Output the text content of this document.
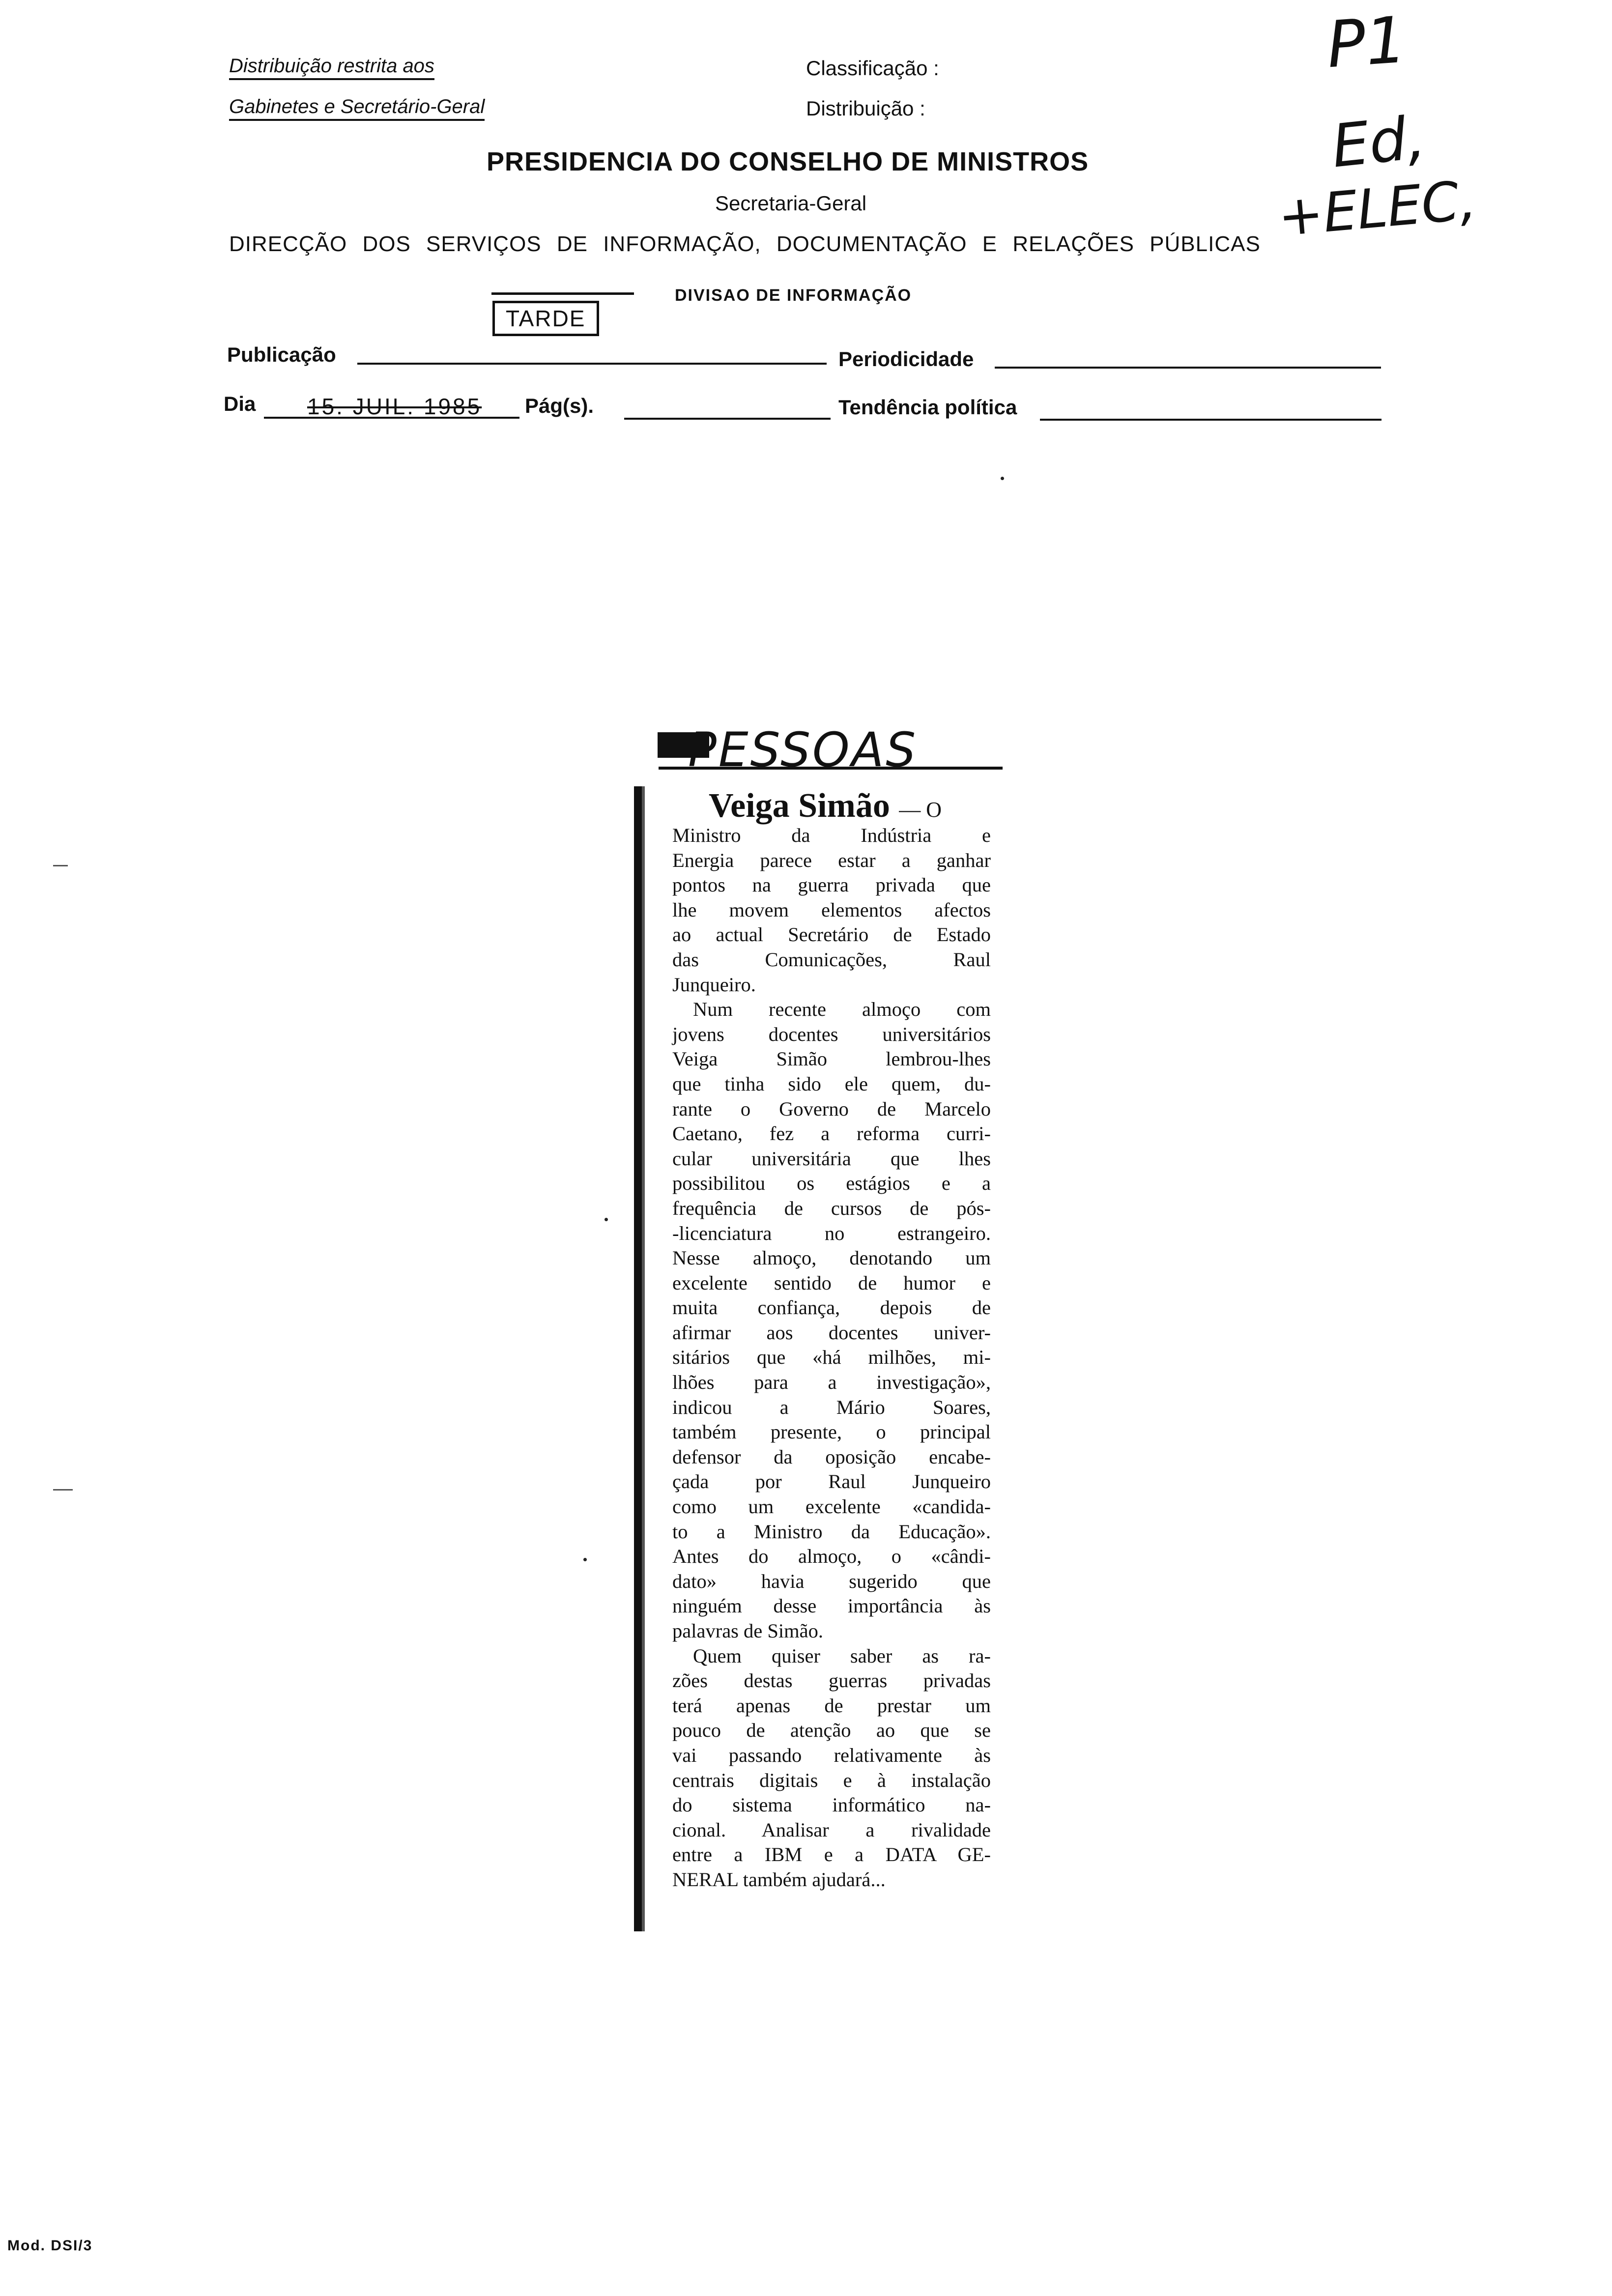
Distribuição restrita aos
Gabinetes e Secretário-Geral
Classificação :
Distribuição :
PRESIDENCIA DO CONSELHO DE MINISTROS
Secretaria-Geral
DIRECÇÃO DOS SERVIÇOS DE INFORMAÇÃO, DOCUMENTAÇÃO E RELAÇÕES PÚBLICAS
DIVISAO DE INFORMAÇÃO
TARDE
Publicação	Periodicidade
Dia 15. JUIL. 1985 Pág(s).	Tendência política
P1
Ed,
+ELEC,
PESSOAS
Veiga Simão — O
Ministro da Indústria e
Energia parece estar a ganhar
pontos na guerra privada que
lhe movem elementos afectos
ao actual Secretário de Estado
das Comunicações, Raul
Junqueiro.
Num recente almoço com
jovens docentes universitários
Veiga Simão lembrou-lhes
que tinha sido ele quem, du-
rante o Governo de Marcelo
Caetano, fez a reforma curri-
cular universitária que lhes
possibilitou os estágios e a
frequência de cursos de pós-
-licenciatura no estrangeiro.
Nesse almoço, denotando um
excelente sentido de humor e
muita confiança, depois de
afirmar aos docentes univer-
sitários que «há milhões, mi-
lhões para a investigação»,
indicou a Mário Soares,
também presente, o principal
defensor da oposição encabe-
çada por Raul Junqueiro
como um excelente «candida-
to a Ministro da Educação».
Antes do almoço, o «cândi-
dato» havia sugerido que
ninguém desse importância às
palavras de Simão.
Quem quiser saber as ra-
zões destas guerras privadas
terá apenas de prestar um
pouco de atenção ao que se
vai passando relativamente às
centrais digitais e à instalação
do sistema informático na-
cional. Analisar a rivalidade
entre a IBM e a DATA GE-
NERAL também ajudará...
Mod. DSI/3
